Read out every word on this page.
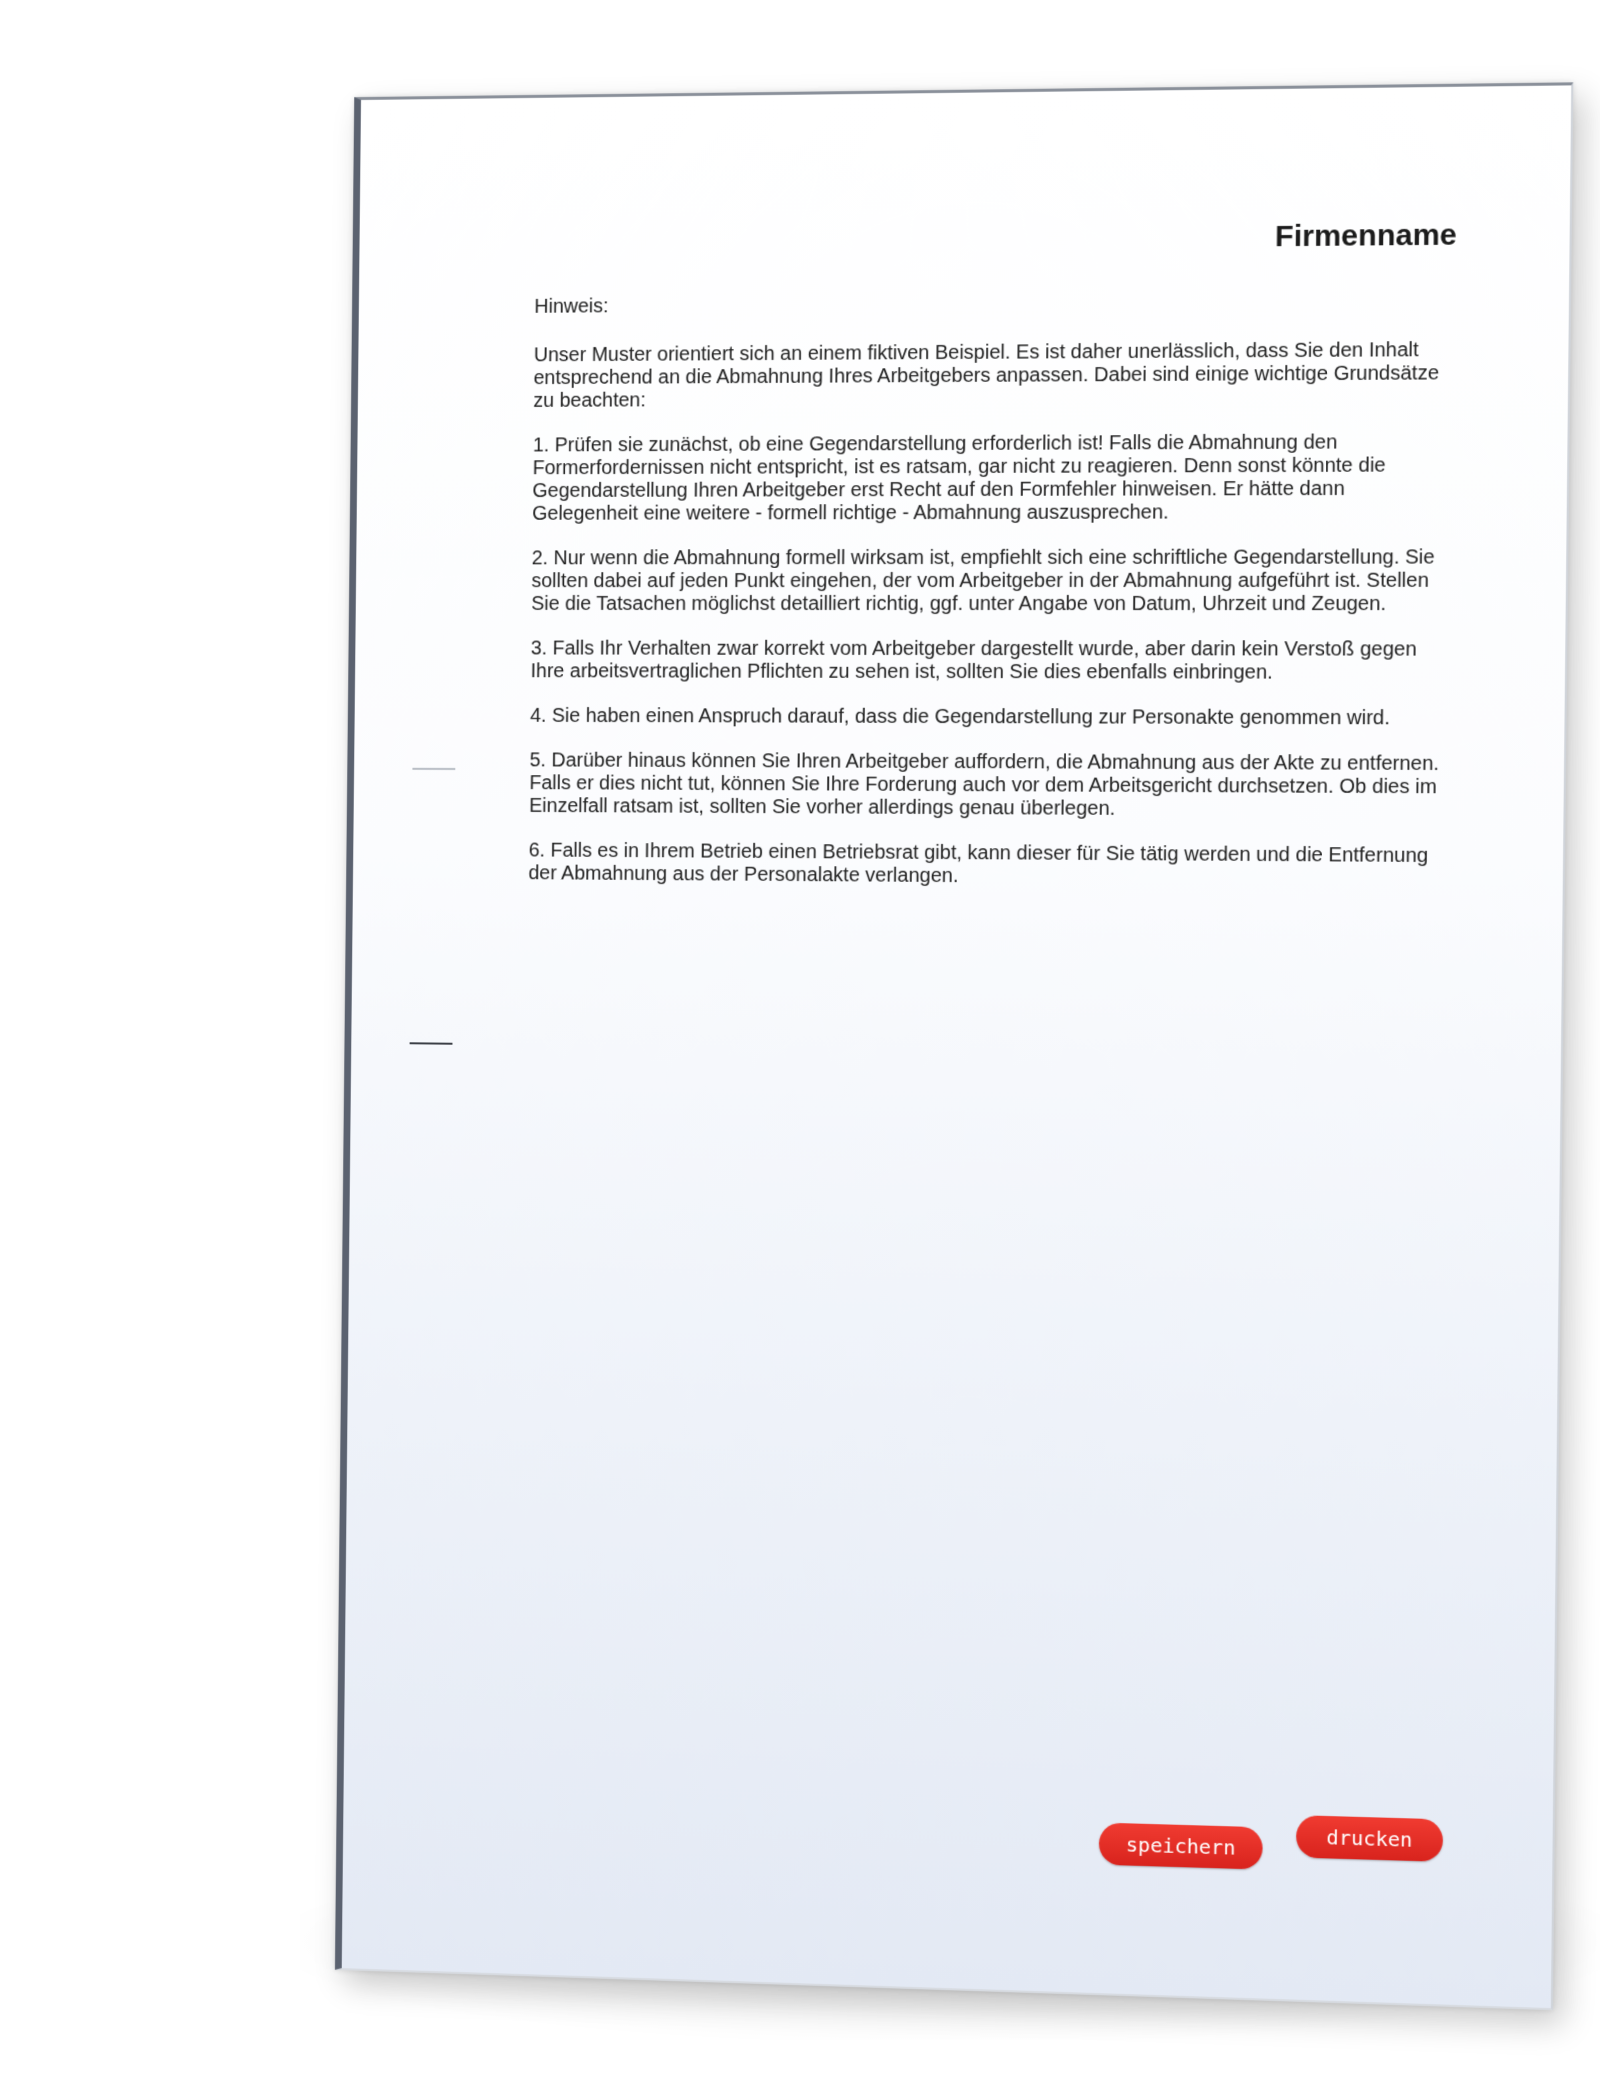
Firmenname

Hinweis:

Unser Muster orientiert sich an einem fiktiven Beispiel. Es ist daher unerlässlich, dass Sie den Inhalt entsprechend an die Abmahnung Ihres Arbeitgebers anpassen. Dabei sind einige wichtige Grundsätze zu beachten:

1. Prüfen sie zunächst, ob eine Gegendarstellung erforderlich ist! Falls die Abmahnung den Formerfordernissen nicht entspricht, ist es ratsam, gar nicht zu reagieren. Denn sonst könnte die Gegendarstellung Ihren Arbeitgeber erst Recht auf den Formfehler hinweisen. Er hätte dann Gelegenheit eine weitere - formell richtige - Abmahnung auszusprechen.

2. Nur wenn die Abmahnung formell wirksam ist, empfiehlt sich eine schriftliche Gegendarstellung. Sie sollten dabei auf jeden Punkt eingehen, der vom Arbeitgeber in der Abmahnung aufgeführt ist. Stellen Sie die Tatsachen möglichst detailliert richtig, ggf. unter Angabe von Datum, Uhrzeit und Zeugen.

3. Falls Ihr Verhalten zwar korrekt vom Arbeitgeber dargestellt wurde, aber darin kein Verstoß gegen Ihre arbeitsvertraglichen Pflichten zu sehen ist, sollten Sie dies ebenfalls einbringen.

4. Sie haben einen Anspruch darauf, dass die Gegendarstellung zur Personakte genommen wird.

5. Darüber hinaus können Sie Ihren Arbeitgeber auffordern, die Abmahnung aus der Akte zu entfernen. Falls er dies nicht tut, können Sie Ihre Forderung auch vor dem Arbeitsgericht durchsetzen. Ob dies im Einzelfall ratsam ist, sollten Sie vorher allerdings genau überlegen.

6. Falls es in Ihrem Betrieb einen Betriebsrat gibt, kann dieser für Sie tätig werden und die Entfernung der Abmahnung aus der Personalakte verlangen.

speichern	drucken
